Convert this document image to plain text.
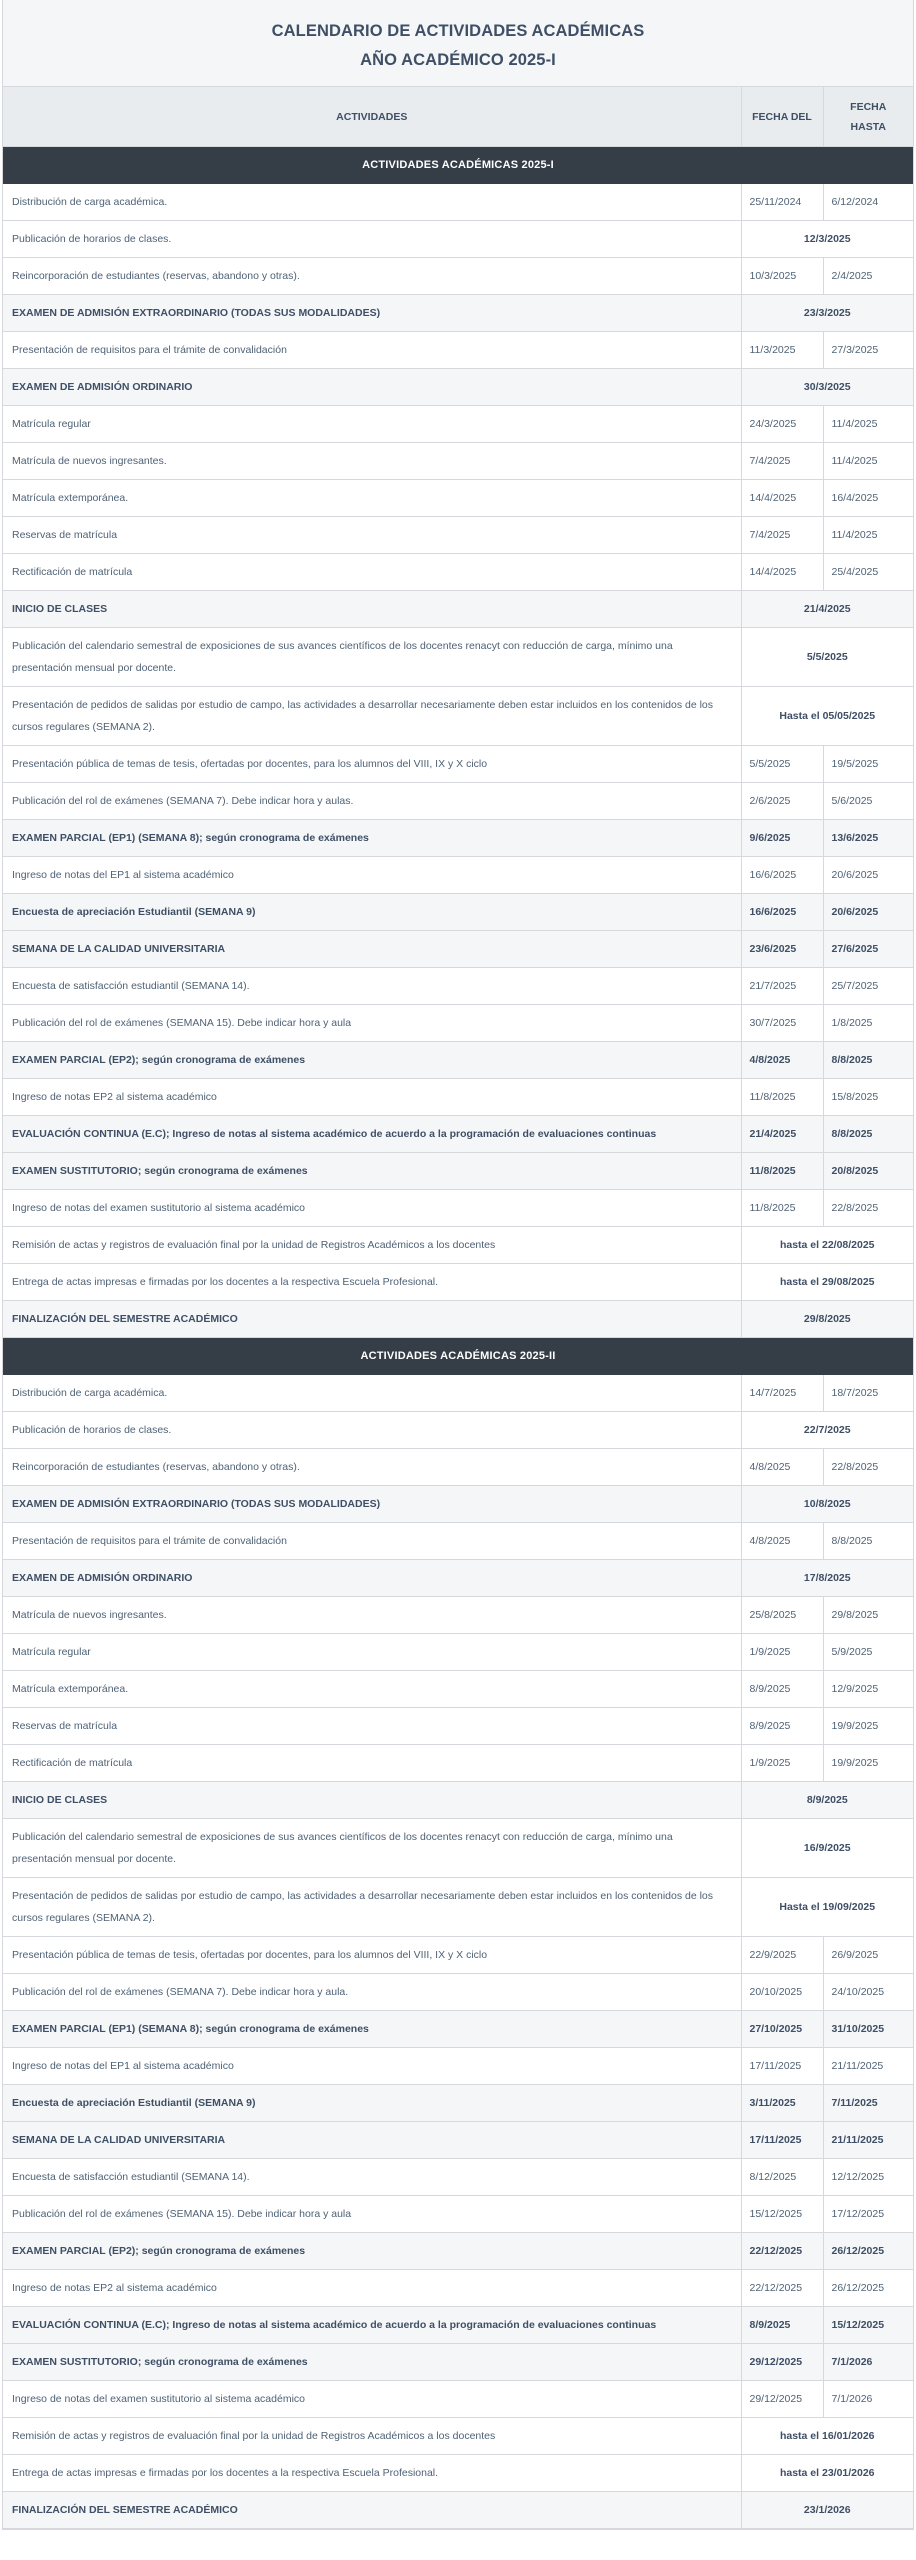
CALENDARIO DE ACTIVIDADES ACADÉMICAS
AÑO ACADÉMICO 2025-I
ACTIVIDADES	FECHA DEL	FECHA
HASTA
ACTIVIDADES ACADÉMICAS 2025-I		
Distribución de carga académica.	25/11/2024	6/12/2024
Publicación de horarios de clases.	12/3/2025	
Reincorporación de estudiantes (reservas, abandono y otras).	10/3/2025	2/4/2025
EXAMEN DE ADMISIÓN EXTRAORDINARIO (TODAS SUS MODALIDADES)	23/3/2025	
Presentación de requisitos para el trámite de convalidación	11/3/2025	27/3/2025
EXAMEN DE ADMISIÓN ORDINARIO	30/3/2025	
Matrícula regular	24/3/2025	11/4/2025
Matrícula de nuevos ingresantes.	7/4/2025	11/4/2025
Matrícula extemporánea.	14/4/2025	16/4/2025
Reservas de matrícula	7/4/2025	11/4/2025
Rectificación de matrícula	14/4/2025	25/4/2025
INICIO DE CLASES	21/4/2025	
Publicación del calendario semestral de exposiciones de sus avances científicos de los docentes renacyt con reducción de carga, mínimo una presentación mensual por docente.	5/5/2025	
Presentación de pedidos de salidas por estudio de campo, las actividades a desarrollar necesariamente deben estar incluidos en los contenidos de los cursos regulares (SEMANA 2).	Hasta el 05/05/2025	
Presentación pública de temas de tesis, ofertadas por docentes, para los alumnos del VIII, IX y X ciclo	5/5/2025	19/5/2025
Publicación del rol de exámenes (SEMANA 7). Debe indicar hora y aulas.	2/6/2025	5/6/2025
EXAMEN PARCIAL (EP1) (SEMANA 8); según cronograma de exámenes	9/6/2025	13/6/2025
Ingreso de notas del EP1 al sistema académico	16/6/2025	20/6/2025
Encuesta de apreciación Estudiantil (SEMANA 9)	16/6/2025	20/6/2025
SEMANA DE LA CALIDAD UNIVERSITARIA	23/6/2025	27/6/2025
Encuesta de satisfacción estudiantil (SEMANA 14).	21/7/2025	25/7/2025
Publicación del rol de exámenes (SEMANA 15). Debe indicar hora y aula	30/7/2025	1/8/2025
EXAMEN PARCIAL (EP2); según cronograma de exámenes	4/8/2025	8/8/2025
Ingreso de notas EP2 al sistema académico	11/8/2025	15/8/2025
EVALUACIÓN CONTINUA (E.C); Ingreso de notas al sistema académico de acuerdo a la programación de evaluaciones continuas	21/4/2025	8/8/2025
EXAMEN SUSTITUTORIO; según cronograma de exámenes	11/8/2025	20/8/2025
Ingreso de notas del examen sustitutorio al sistema académico	11/8/2025	22/8/2025
Remisión de actas y registros de evaluación final por la unidad de Registros Académicos a los docentes	hasta el 22/08/2025	
Entrega de actas impresas e firmadas por los docentes a la respectiva Escuela Profesional.	hasta el 29/08/2025	
FINALIZACIÓN DEL SEMESTRE ACADÉMICO	29/8/2025	
ACTIVIDADES ACADÉMICAS 2025-II		
Distribución de carga académica.	14/7/2025	18/7/2025
Publicación de horarios de clases.	22/7/2025	
Reincorporación de estudiantes (reservas, abandono y otras).	4/8/2025	22/8/2025
EXAMEN DE ADMISIÓN EXTRAORDINARIO (TODAS SUS MODALIDADES)	10/8/2025	
Presentación de requisitos para el trámite de convalidación	4/8/2025	8/8/2025
EXAMEN DE ADMISIÓN ORDINARIO	17/8/2025	
Matrícula de nuevos ingresantes.	25/8/2025	29/8/2025
Matrícula regular	1/9/2025	5/9/2025
Matrícula extemporánea.	8/9/2025	12/9/2025
Reservas de matrícula	8/9/2025	19/9/2025
Rectificación de matrícula	1/9/2025	19/9/2025
INICIO DE CLASES	8/9/2025	
Publicación del calendario semestral de exposiciones de sus avances científicos de los docentes renacyt con reducción de carga, mínimo una presentación mensual por docente.	16/9/2025	
Presentación de pedidos de salidas por estudio de campo, las actividades a desarrollar necesariamente deben estar incluidos en los contenidos de los cursos regulares (SEMANA 2).	Hasta el 19/09/2025	
Presentación pública de temas de tesis, ofertadas por docentes, para los alumnos del VIII, IX y X ciclo	22/9/2025	26/9/2025
Publicación del rol de exámenes (SEMANA 7). Debe indicar hora y aula.	20/10/2025	24/10/2025
EXAMEN PARCIAL (EP1) (SEMANA 8); según cronograma de exámenes	27/10/2025	31/10/2025
Ingreso de notas del EP1 al sistema académico	17/11/2025	21/11/2025
Encuesta de apreciación Estudiantil (SEMANA 9)	3/11/2025	7/11/2025
SEMANA DE LA CALIDAD UNIVERSITARIA	17/11/2025	21/11/2025
Encuesta de satisfacción estudiantil (SEMANA 14).	8/12/2025	12/12/2025
Publicación del rol de exámenes (SEMANA 15). Debe indicar hora y aula	15/12/2025	17/12/2025
EXAMEN PARCIAL (EP2); según cronograma de exámenes	22/12/2025	26/12/2025
Ingreso de notas EP2 al sistema académico	22/12/2025	26/12/2025
EVALUACIÓN CONTINUA (E.C); Ingreso de notas al sistema académico de acuerdo a la programación de evaluaciones continuas	8/9/2025	15/12/2025
EXAMEN SUSTITUTORIO; según cronograma de exámenes	29/12/2025	7/1/2026
Ingreso de notas del examen sustitutorio al sistema académico	29/12/2025	7/1/2026
Remisión de actas y registros de evaluación final por la unidad de Registros Académicos a los docentes	hasta el 16/01/2026	
Entrega de actas impresas e firmadas por los docentes a la respectiva Escuela Profesional.	hasta el 23/01/2026	
FINALIZACIÓN DEL SEMESTRE ACADÉMICO	23/1/2026	
